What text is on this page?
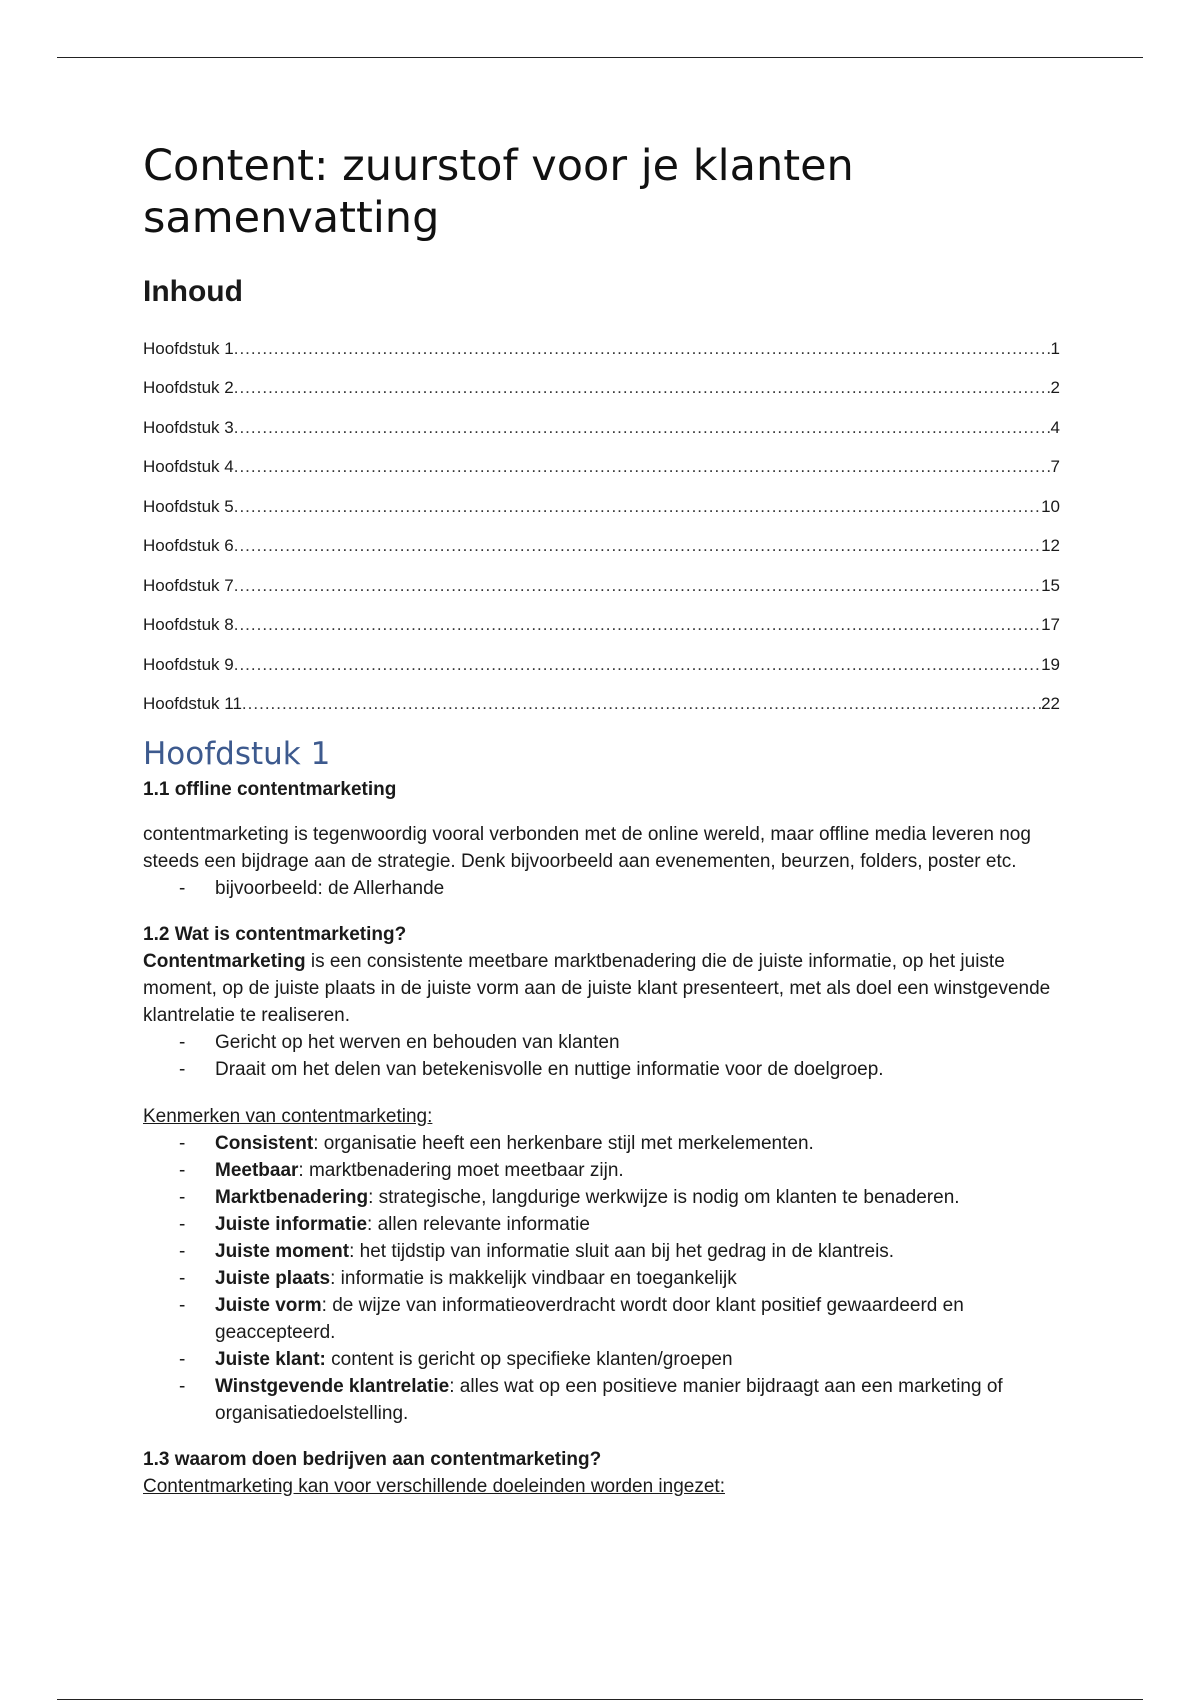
Content: zuurstof voor je klanten
samenvatting
Inhoud
Hoofdstuk 1 .....	1
Hoofdstuk 2 .....	2
Hoofdstuk 3 .....	4
Hoofdstuk 4 .....	7
Hoofdstuk 5 .....	10
Hoofdstuk 6 .....	12
Hoofdstuk 7 .....	15
Hoofdstuk 8 .....	17
Hoofdstuk 9 .....	19
Hoofdstuk 11 .....	22
Hoofdstuk 1
1.1 offline contentmarketing

contentmarketing is tegenwoordig vooral verbonden met de online wereld, maar offline media leveren nog steeds een bijdrage aan de strategie. Denk bijvoorbeeld aan evenementen, beurzen, folders, poster etc.

-	bijvoorbeeld: de Allerhande
1.2 Wat is contentmarketing?

Contentmarketing is een consistente meetbare marktbenadering die de juiste informatie, op het juiste moment, op de juiste plaats in de juiste vorm aan de juiste klant presenteert, met als doel een winstgevende klantrelatie te realiseren.

-	Gericht op het werven en behouden van klanten
-	Draait om het delen van betekenisvolle en nuttige informatie voor de doelgroep.

Kenmerken van contentmarketing:

-	Consistent: organisatie heeft een herkenbare stijl met merkelementen.
-	Meetbaar: marktbenadering moet meetbaar zijn.
-	Marktbenadering: strategische, langdurige werkwijze is nodig om klanten te benaderen.
-	Juiste informatie: allen relevante informatie
-	Juiste moment: het tijdstip van informatie sluit aan bij het gedrag in de klantreis.
-	Juiste plaats: informatie is makkelijk vindbaar en toegankelijk
-	Juiste vorm: de wijze van informatieoverdracht wordt door klant positief gewaardeerd en geaccepteerd.
-	Juiste klant: content is gericht op specifieke klanten/groepen
-	Winstgevende klantrelatie: alles wat op een positieve manier bijdraagt aan een marketing of organisatiedoelstelling.
1.3 waarom doen bedrijven aan contentmarketing?

Contentmarketing kan voor verschillende doeleinden worden ingezet:
